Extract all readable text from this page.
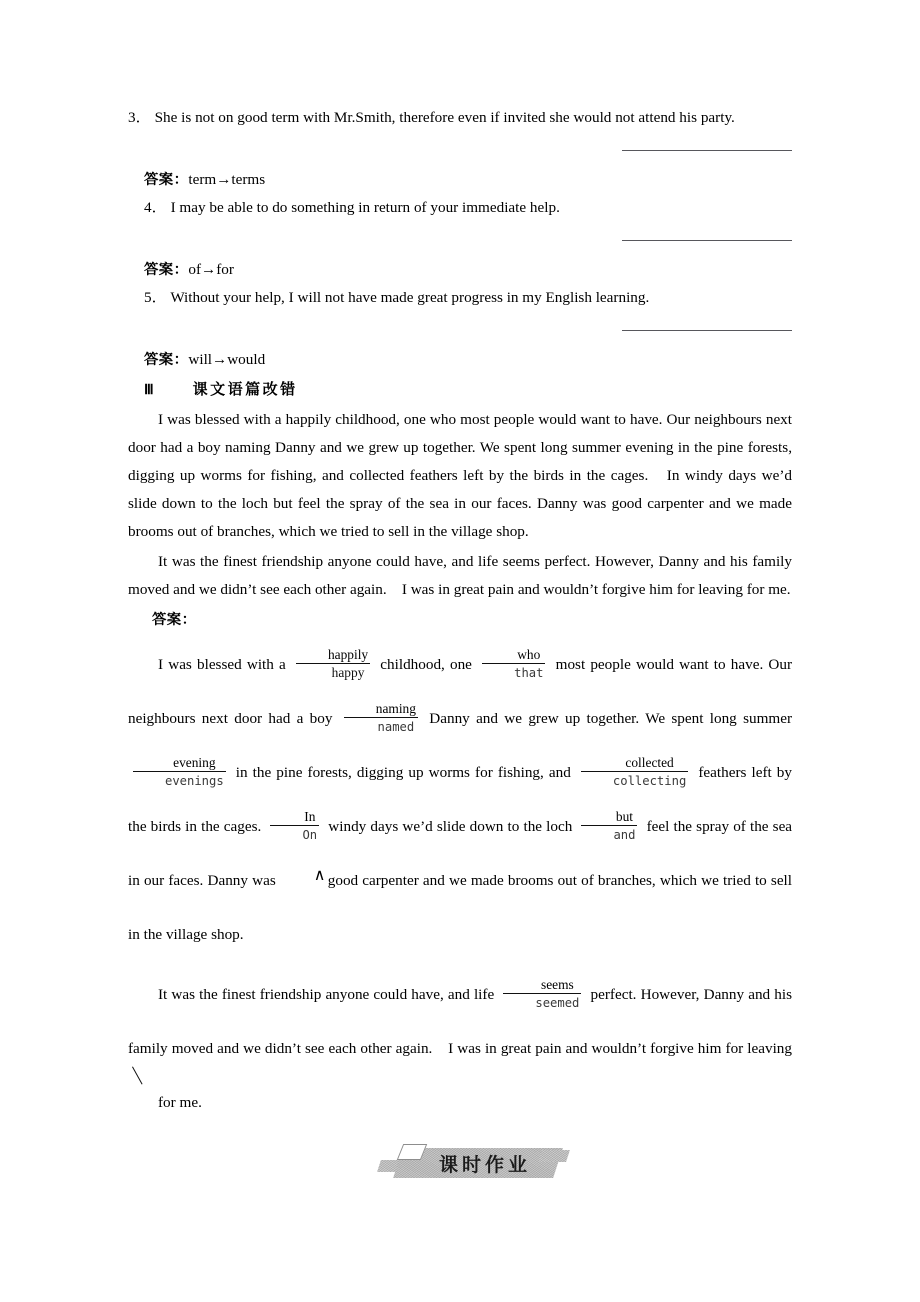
3． She is not on good term with Mr.Smith, therefore even if invited she would not attend his party.
答案：term→terms
4． I may be able to do something in return of your immediate help.
答案：of→for
5． Without your help, I will not have made great progress in my English learning.
答案：will→would
Ⅲ	课文语篇改错

I was blessed with a happily childhood, one who most people would want to have. Our neighbours next door had a boy naming Danny and we grew up together. We spent long summer evening in the pine forests, digging up worms for fishing, and collected feathers left by the birds in the cages.　In windy days we’d slide down to the loch but feel the spray of the sea in our faces. Danny was good carpenter and we made brooms out of branches, which we tried to sell in the village shop.

It was the finest friendship anyone could have, and life seems perfect. However, Danny and his family moved and we didn’t see each other again.　I was in great pain and wouldn’t forgive him for leaving for me.

答案：

I was blessed with a $\frac{\text{happily}}{\text{happy}}$ childhood, one $\frac{\text{who}}{\text{that}}$ most people would want to have. Our neighbours next door had a boy $\frac{naming}{\text{named}}$ Danny and we grew up together. We spent long summer
$\frac{\text{evening}}{\text{evenings}}$ in the pine forests, digging up worms for fishing, and $\frac{\text{collected}}{\text{collecting}}$ feathers left by the birds in the cages. $\frac{In}{On}$ windy days we’d slide down to the loch $\frac{\text{but}}{\text{and}}$ feel the spray of the sea in our faces. Danny was	∧ good carpenter and we made brooms out of branches, which we tried to sell in the village shop.

It was the finest friendship anyone could have, and life $\frac{\text{seems}}{\text{seemed}}$ perfect. However, Danny and his family moved and we didn’t see each other again.　I was in great pain and wouldn’t forgive him for leaving
for me.

课时作业
